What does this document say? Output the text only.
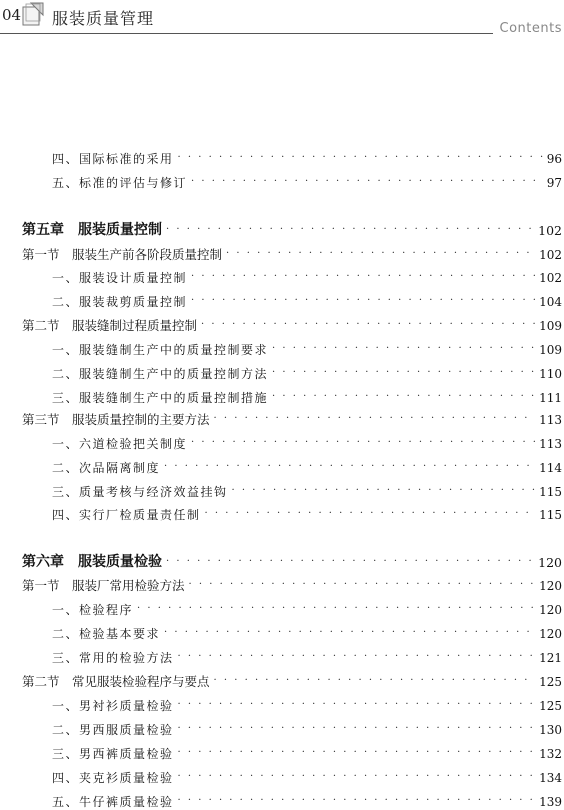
04 服装质量管理
Contents
四、国际标准的采用 · · ·	96
五、标准的评估与修订 · · ·	97
第五章　服装质量控制 · · ·	102
第一节　服装生产前各阶段质量控制 · · ·	102
一、服装设计质量控制 · · ·	102
二、服装裁剪质量控制 · · ·	104
第二节　服装缝制过程质量控制 · · ·	109
一、服装缝制生产中的质量控制要求 · · ·	109
二、服装缝制生产中的质量控制方法 · · ·	110
三、服装缝制生产中的质量控制措施 · · ·	111
第三节　服装质量控制的主要方法 · · ·	113
一、六道检验把关制度 · · ·	113
二、次品隔离制度 · · ·	114
三、质量考核与经济效益挂钩 · · ·	115
四、实行厂检质量责任制 · · ·	115
第六章　服装质量检验 · · ·	120
第一节　服装厂常用检验方法 · · ·	120
一、检验程序 · · ·	120
二、检验基本要求 · · ·	120
三、常用的检验方法 · · ·	121
第二节　常见服装检验程序与要点 · · ·	125
一、男衬衫质量检验 · · ·	125
二、男西服质量检验 · · ·	130
三、男西裤质量检验 · · ·	132
四、夹克衫质量检验 · · ·	134
五、牛仔裤质量检验 · · ·	139
